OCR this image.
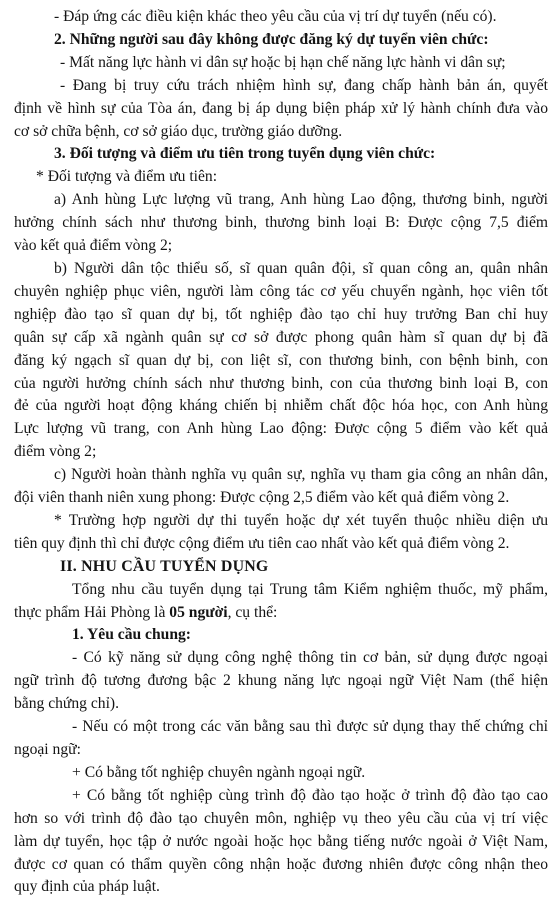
- Đáp ứng các điều kiện khác theo yêu cầu của vị trí dự tuyển (nếu có).
2. Những người sau đây không được đăng ký dự tuyển viên chức:
- Mất năng lực hành vi dân sự hoặc bị hạn chế năng lực hành vi dân sự;
- Đang bị truy cứu trách nhiệm hình sự, đang chấp hành bản án, quyết
định về hình sự của Tòa án, đang bị áp dụng biện pháp xử lý hành chính đưa vào
cơ sở chữa bệnh, cơ sở giáo dục, trường giáo dưỡng.
3. Đối tượng và điểm ưu tiên trong tuyển dụng viên chức:
* Đối tượng và điểm ưu tiên:
a) Anh hùng Lực lượng vũ trang, Anh hùng Lao động, thương binh, người
hưởng chính sách như thương binh, thương binh loại B: Được cộng 7,5 điểm
vào kết quả điểm vòng 2;
b) Người dân tộc thiểu số, sĩ quan quân đội, sĩ quan công an, quân nhân
chuyên nghiệp phục viên, người làm công tác cơ yếu chuyển ngành, học viên tốt
nghiệp đào tạo sĩ quan dự bị, tốt nghiệp đào tạo chỉ huy trưởng Ban chỉ huy
quân sự cấp xã ngành quân sự cơ sở được phong quân hàm sĩ quan dự bị đã
đăng ký ngạch sĩ quan dự bị, con liệt sĩ, con thương binh, con bệnh binh, con
của người hưởng chính sách như thương binh, con của thương binh loại B, con
đẻ của người hoạt động kháng chiến bị nhiễm chất độc hóa học, con Anh hùng
Lực lượng vũ trang, con Anh hùng Lao động: Được cộng 5 điểm vào kết quả
điểm vòng 2;
c) Người hoàn thành nghĩa vụ quân sự, nghĩa vụ tham gia công an nhân dân,
đội viên thanh niên xung phong: Được cộng 2,5 điểm vào kết quả điểm vòng 2.
* Trường hợp người dự thi tuyển hoặc dự xét tuyển thuộc nhiều diện ưu
tiên quy định thì chỉ được cộng điểm ưu tiên cao nhất vào kết quả điểm vòng 2.
II. NHU CẦU TUYỂN DỤNG
Tổng nhu cầu tuyển dụng tại Trung tâm Kiểm nghiệm thuốc, mỹ phẩm,
thực phẩm Hải Phòng là 05 người, cụ thể:
1. Yêu cầu chung:
- Có kỹ năng sử dụng công nghệ thông tin cơ bản, sử dụng được ngoại
ngữ trình độ tương đương bậc 2 khung năng lực ngoại ngữ Việt Nam (thể hiện
bằng chứng chỉ).
- Nếu có một trong các văn bằng sau thì được sử dụng thay thế chứng chỉ
ngoại ngữ:
+ Có bằng tốt nghiệp chuyên ngành ngoại ngữ.
+ Có bằng tốt nghiệp cùng trình độ đào tạo hoặc ở trình độ đào tạo cao
hơn so với trình độ đào tạo chuyên môn, nghiệp vụ theo yêu cầu của vị trí việc
làm dự tuyển, học tập ở nước ngoài hoặc học bằng tiếng nước ngoài ở Việt Nam,
được cơ quan có thẩm quyền công nhận hoặc đương nhiên được công nhận theo
quy định của pháp luật.
